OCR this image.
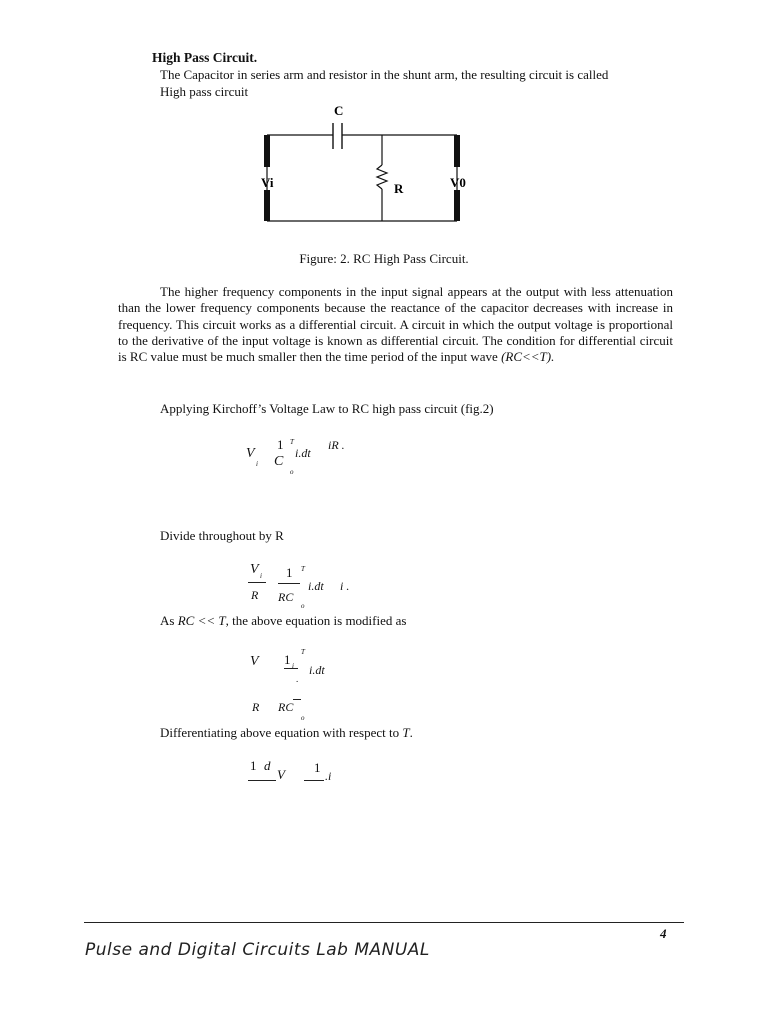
High Pass Circuit.
The Capacitor in series arm and resistor in the shunt arm, the resulting circuit is called
High pass circuit
C
R
Vi	V0
Figure: 2. RC High Pass Circuit.
The higher frequency components in the input signal appears at the output with less attenuation than the lower frequency components because the reactance of the capacitor decreases with increase in frequency. This circuit works as a differential circuit. A circuit in which the output voltage is proportional to the derivative of the input voltage is known as differential circuit. The condition for differential circuit is RC value must be much smaller then the time period of the input wave (RC<<T).
Applying Kirchoff’s Voltage Law to RC high pass circuit (fig.2)
V
i
1 T
C
o
i.dt
iR .
Divide throughout by R
V i
R
1 T
RC
o
i.dt i .
As RC << T, the above equation is modified as
V 1 i
T
i.dt
.
R RC
o
Differentiating above equation with respect to T.
1 d
V 1
.i
4
Pulse and Digital Circuits Lab MANUAL
